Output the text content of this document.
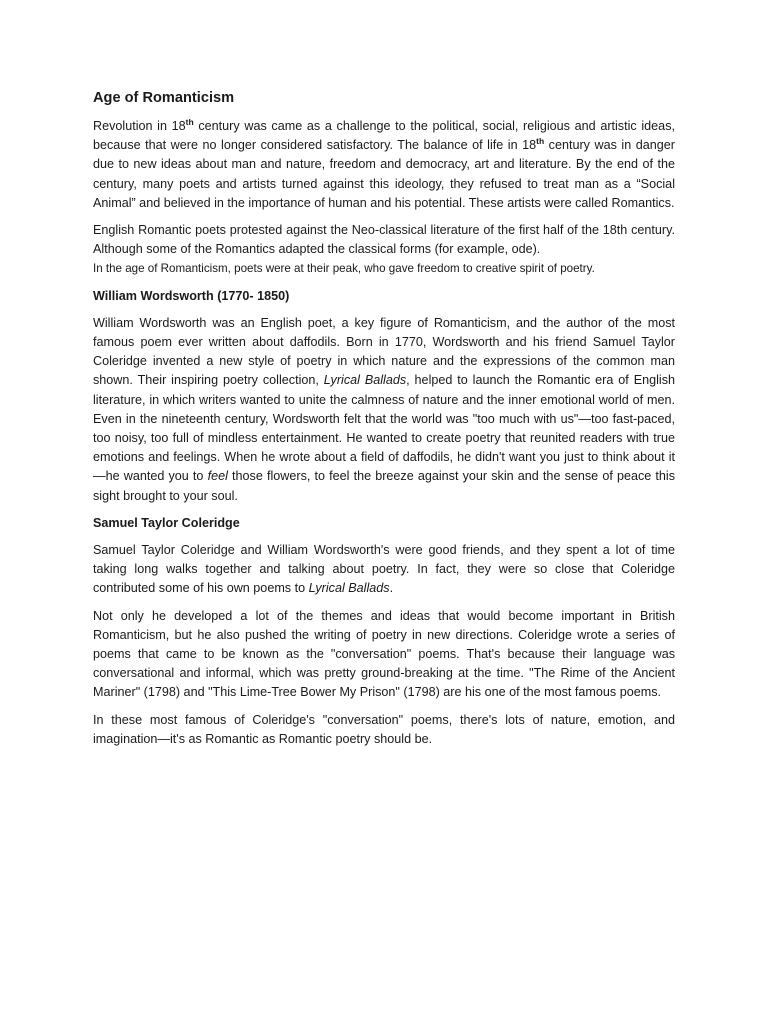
Age of Romanticism

Revolution in 18th century was came as a challenge to the political, social, religious and artistic ideas, because that were no longer considered satisfactory. The balance of life in 18th century was in danger due to new ideas about man and nature, freedom and democracy, art and literature. By the end of the century, many poets and artists turned against this ideology, they refused to treat man as a “Social Animal” and believed in the importance of human and his potential. These artists were called Romantics.

English Romantic poets protested against the Neo-classical literature of the first half of the 18th century. Although some of the Romantics adapted the classical forms (for example, ode).
In the age of Romanticism, poets were at their peak, who gave freedom to creative spirit of poetry.

William Wordsworth (1770- 1850)

William Wordsworth was an English poet, a key figure of Romanticism, and the author of the most famous poem ever written about daffodils. Born in 1770, Wordsworth and his friend Samuel Taylor Coleridge invented a new style of poetry in which nature and the expressions of the common man shown. Their inspiring poetry collection, Lyrical Ballads, helped to launch the Romantic era of English literature, in which writers wanted to unite the calmness of nature and the inner emotional world of men. Even in the nineteenth century, Wordsworth felt that the world was "too much with us"—too fast-paced, too noisy, too full of mindless entertainment. He wanted to create poetry that reunited readers with true emotions and feelings. When he wrote about a field of daffodils, he didn't want you just to think about it—he wanted you to feel those flowers, to feel the breeze against your skin and the sense of peace this sight brought to your soul.

Samuel Taylor Coleridge

Samuel Taylor Coleridge and William Wordsworth's were good friends, and they spent a lot of time taking long walks together and talking about poetry. In fact, they were so close that Coleridge contributed some of his own poems to Lyrical Ballads.

Not only he developed a lot of the themes and ideas that would become important in British Romanticism, but he also pushed the writing of poetry in new directions. Coleridge wrote a series of poems that came to be known as the "conversation" poems. That's because their language was conversational and informal, which was pretty ground-breaking at the time. "The Rime of the Ancient Mariner" (1798) and "This Lime-Tree Bower My Prison" (1798) are his one of the most famous poems.

In these most famous of Coleridge's "conversation" poems, there's lots of nature, emotion, and imagination—it's as Romantic as Romantic poetry should be.
